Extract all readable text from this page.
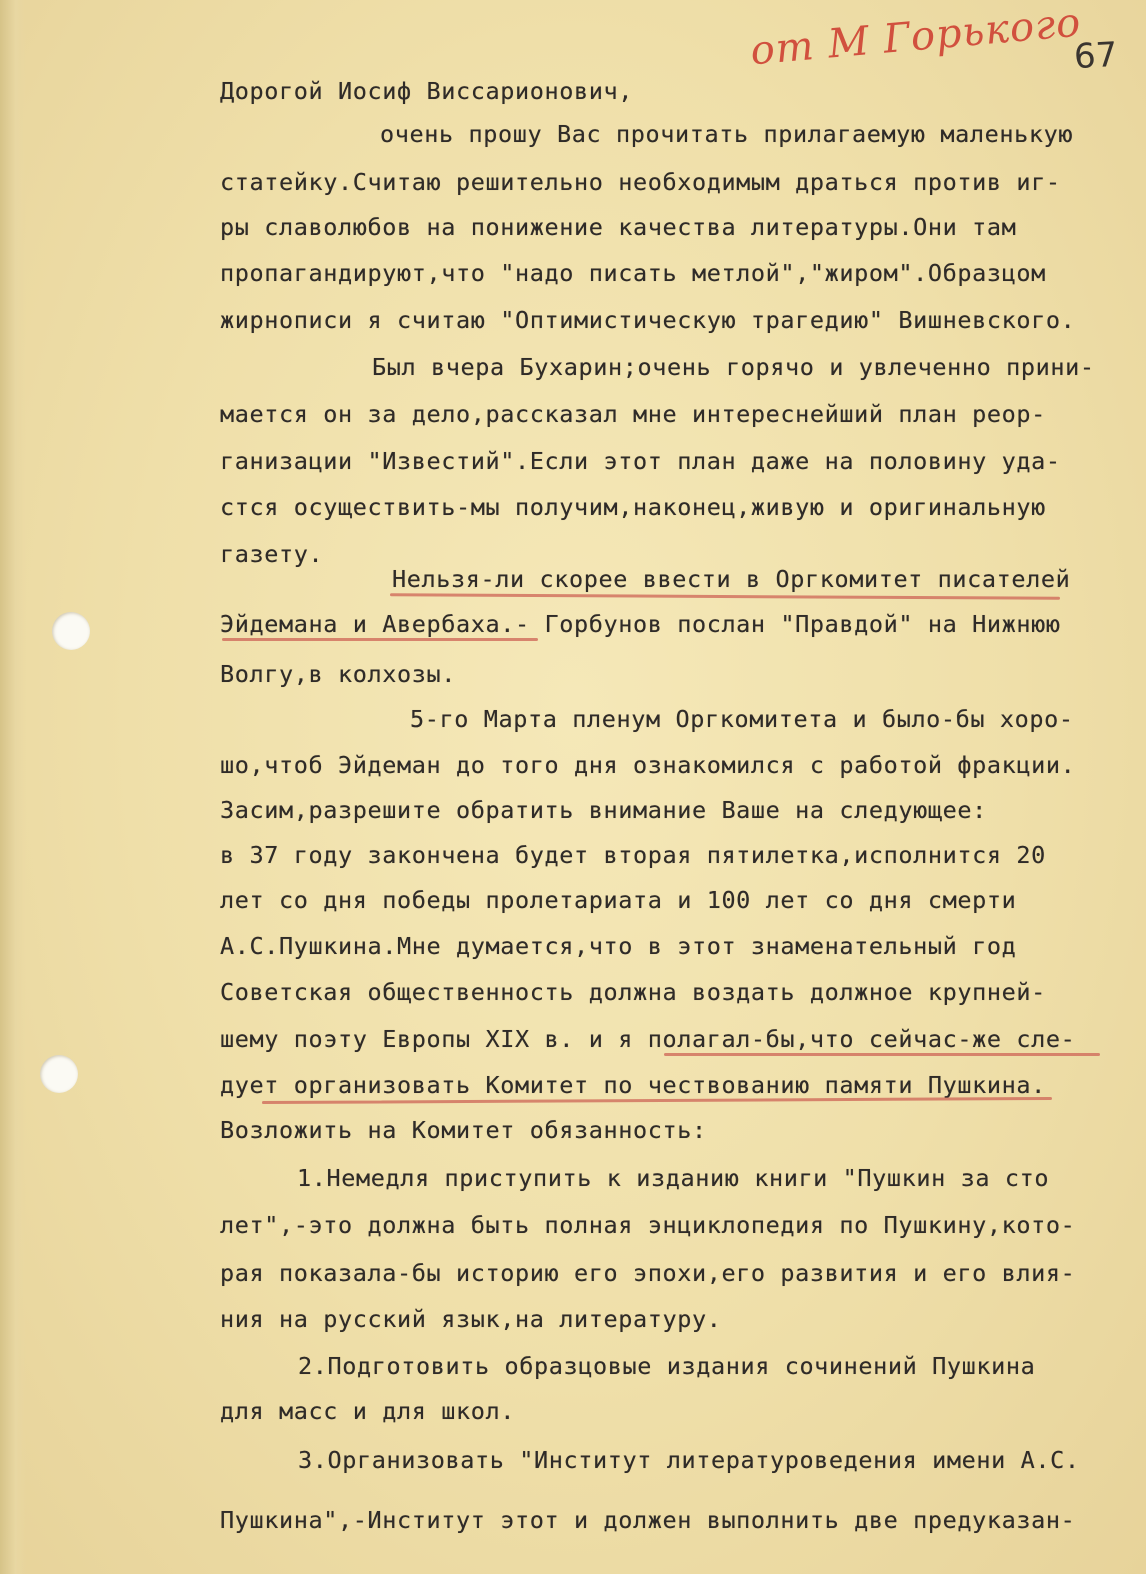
от М Горького
67
Дорогой Иосиф Виссарионович,
очень прошу Вас прочитать прилагаемую маленькую
статейку.Считаю решительно необходимым драться против иг-
ры славолюбов на понижение качества литературы.Они там
пропагандируют,что "надо писать метлой","жиром".Образцом
жирнописи я считаю "Оптимистическую трагедию" Вишневского.
Был вчера Бухарин;очень горячо и увлеченно прини-
мается он за дело,рассказал мне интереснейший план реор-
ганизации "Известий".Если этот план даже на половину уда-
стся осуществить-мы получим,наконец,живую и оригинальную
газету.
Нельзя-ли скорее ввести в Оргкомитет писателей
Эйдемана и Авербаха.- Горбунов послан "Правдой" на Нижнюю
Волгу,в колхозы.
5-го Марта пленум Оргкомитета и было-бы хоро-
шо,чтоб Эйдеман до того дня ознакомился с работой фракции.
Засим,разрешите обратить внимание Ваше на следующее:
в 37 году закончена будет вторая пятилетка,исполнится 20
лет со дня победы пролетариата и 100 лет со дня смерти
А.С.Пушкина.Мне думается,что в этот знаменательный год
Советская общественность должна воздать должное крупней-
шему поэту Европы XIX в. и я полагал-бы,что сейчас-же сле-
дует организовать Комитет по чествованию памяти Пушкина.
Возложить на Комитет обязанность:
1.Немедля приступить к изданию книги "Пушкин за сто
лет",-это должна быть полная энциклопедия по Пушкину,кото-
рая показала-бы историю его эпохи,его развития и его влия-
ния на русский язык,на литературу.
2.Подготовить образцовые издания сочинений Пушкина
для масс и для школ.
3.Организовать "Институт литературоведения имени А.С.
Пушкина",-Институт этот и должен выполнить две предуказан-
